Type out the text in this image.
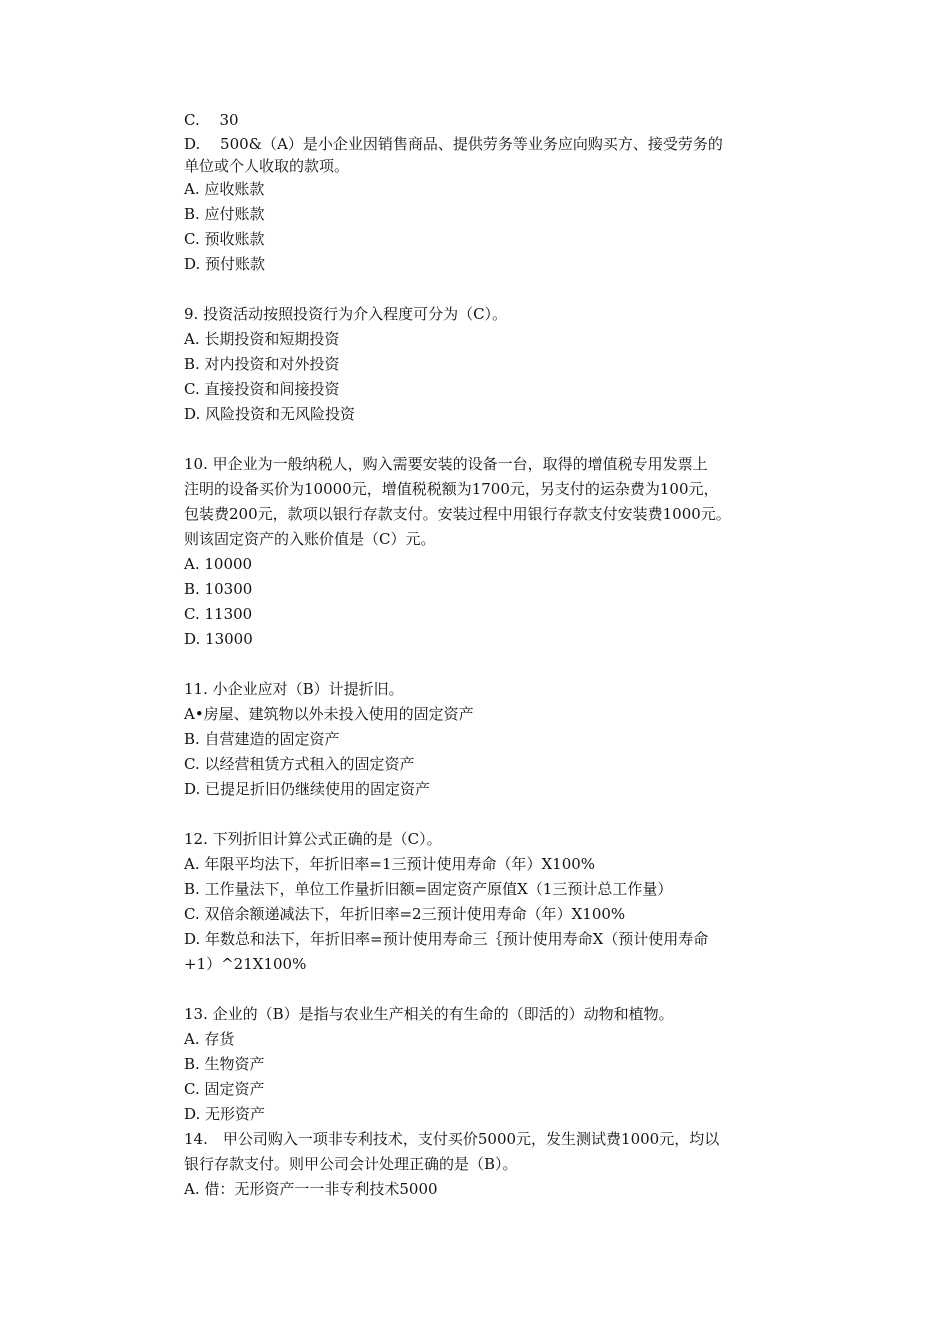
C.　 30
D.　 500&（A）是小企业因销售商品、提供劳务等业务应向购买方、接受劳务的
单位或个人收取的款项。
A. 应收账款
B. 应付账款
C. 预收账款
D. 预付账款
9. 投资活动按照投资行为介入程度可分为（C）。
A. 长期投资和短期投资
B. 对内投资和对外投资
C. 直接投资和间接投资
D. 风险投资和无风险投资
10. 甲企业为一般纳税人，购入需要安装的设备一台，取得的增值税专用发票上
注明的设备买价为10000元，增值税税额为1700元，另支付的运杂费为100元，
包装费200元，款项以银行存款支付。安装过程中用银行存款支付安装费1000元。
则该固定资产的入账价值是（C）元。
A. 10000
B. 10300
C. 11300
D. 13000
11. 小企业应对（B）计提折旧。
A•房屋、建筑物以外未投入使用的固定资产
B. 自营建造的固定资产
C. 以经营租赁方式租入的固定资产
D. 已提足折旧仍继续使用的固定资产
12. 下列折旧计算公式正确的是（C）。
A. 年限平均法下，年折旧率=1三预计使用寿命（年）X100%
B. 工作量法下，单位工作量折旧额=固定资产原值X（1三预计总工作量）
C. 双倍余额递减法下，年折旧率=2三预计使用寿命（年）X100%
D. 年数总和法下，年折旧率=预计使用寿命三｛预计使用寿命X（预计使用寿命
+1）^21X100%
13. 企业的（B）是指与农业生产相关的有生命的（即活的）动物和植物。
A. 存货
B. 生物资产
C. 固定资产
D. 无形资产
14.　甲公司购入一项非专利技术，支付买价5000元，发生测试费1000元，均以
银行存款支付。则甲公司会计处理正确的是（B）。
A. 借：无形资产一一非专利技术5000
